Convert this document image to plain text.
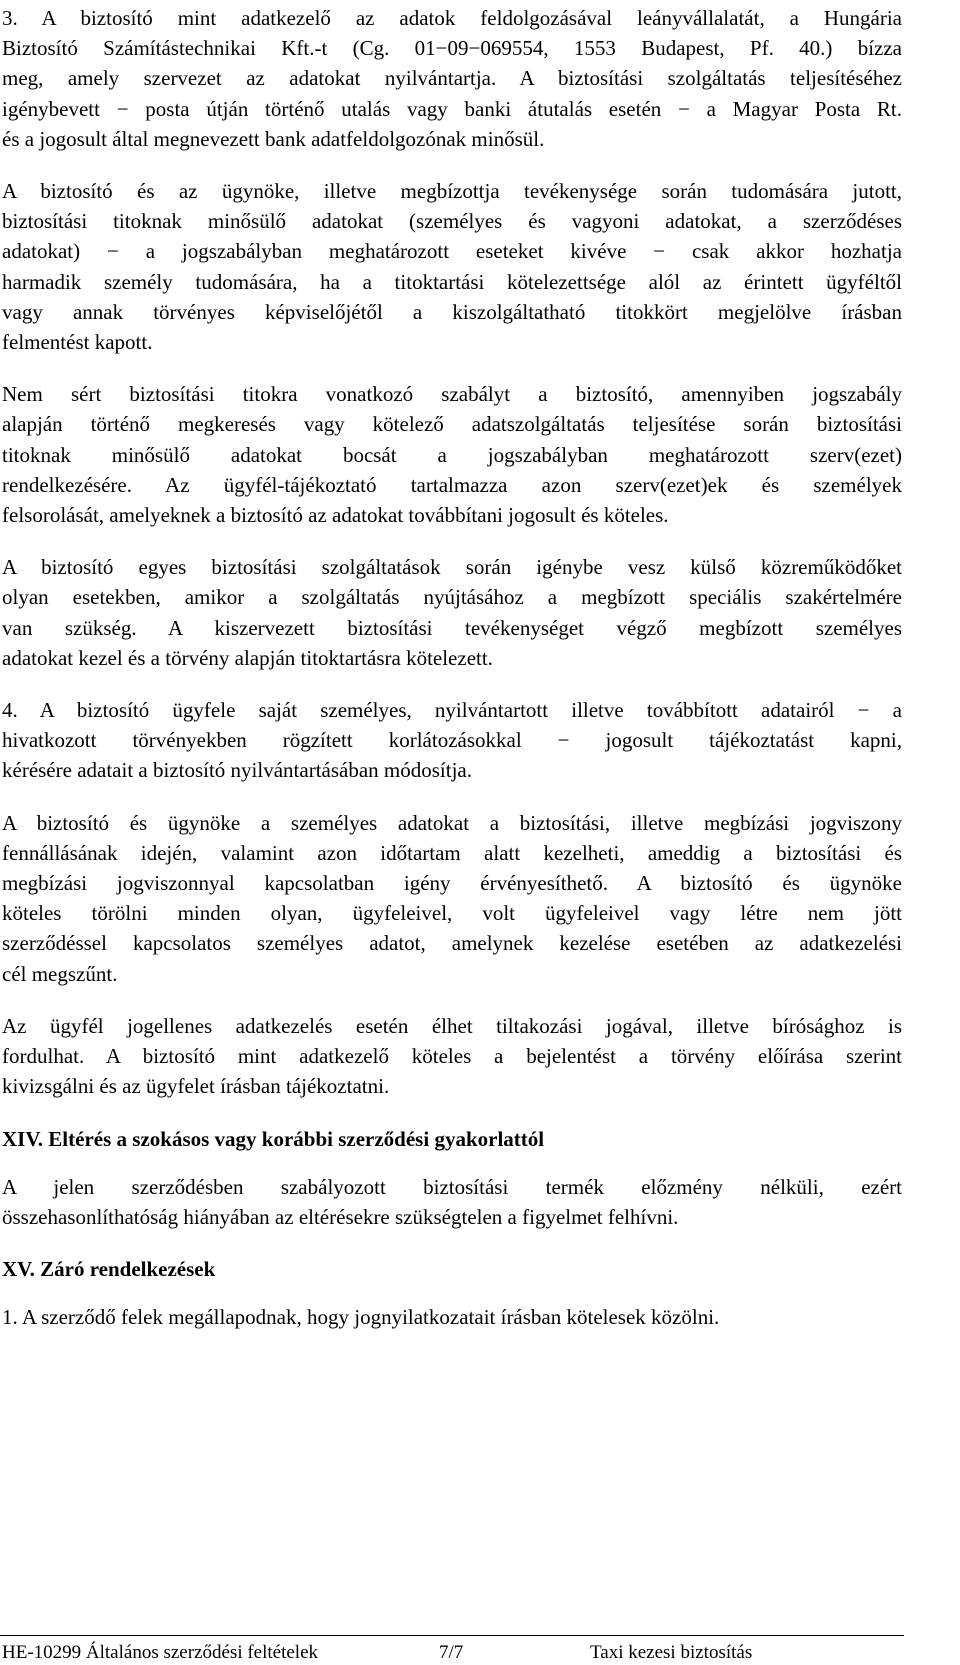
3. A biztosító mint adatkezelő az adatok feldolgozásával leányvállalatát, a Hungária
Biztosító Számítástechnikai Kft.-t (Cg. 01−09−069554, 1553 Budapest, Pf. 40.) bízza
meg, amely szervezet az adatokat nyilvántartja. A biztosítási szolgáltatás teljesítéséhez
igénybevett − posta útján történő utalás vagy banki átutalás esetén − a Magyar Posta Rt.
és a jogosult által megnevezett bank adatfeldolgozónak minősül.

A biztosító és az ügynöke, illetve megbízottja tevékenysége során tudomására jutott,
biztosítási titoknak minősülő adatokat (személyes és vagyoni adatokat, a szerződéses
adatokat) − a jogszabályban meghatározott eseteket kivéve − csak akkor hozhatja
harmadik személy tudomására, ha a titoktartási kötelezettsége alól az érintett ügyféltől
vagy annak törvényes képviselőjétől a kiszolgáltatható titokkört megjelölve írásban
felmentést kapott.

Nem sért biztosítási titokra vonatkozó szabályt a biztosító, amennyiben jogszabály
alapján történő megkeresés vagy kötelező adatszolgáltatás teljesítése során biztosítási
titoknak minősülő adatokat bocsát a jogszabályban meghatározott szerv(ezet)
rendelkezésére. Az ügyfél-tájékoztató tartalmazza azon szerv(ezet)ek és személyek
felsorolását, amelyeknek a biztosító az adatokat továbbítani jogosult és köteles.

A biztosító egyes biztosítási szolgáltatások során igénybe vesz külső közreműködőket
olyan esetekben, amikor a szolgáltatás nyújtásához a megbízott speciális szakértelmére
van szükség. A kiszervezett biztosítási tevékenységet végző megbízott személyes
adatokat kezel és a törvény alapján titoktartásra kötelezett.

4. A biztosító ügyfele saját személyes, nyilvántartott illetve továbbított adatairól − a
hivatkozott törvényekben rögzített korlátozásokkal − jogosult tájékoztatást kapni,
kérésére adatait a biztosító nyilvántartásában módosítja.

A biztosító és ügynöke a személyes adatokat a biztosítási, illetve megbízási jogviszony
fennállásának idején, valamint azon időtartam alatt kezelheti, ameddig a biztosítási és
megbízási jogviszonnyal kapcsolatban igény érvényesíthető. A biztosító és ügynöke
köteles törölni minden olyan, ügyfeleivel, volt ügyfeleivel vagy létre nem jött
szerződéssel kapcsolatos személyes adatot, amelynek kezelése esetében az adatkezelési
cél megszűnt.

Az ügyfél jogellenes adatkezelés esetén élhet tiltakozási jogával, illetve bírósághoz is
fordulhat. A biztosító mint adatkezelő köteles a bejelentést a törvény előírása szerint
kivizsgálni és az ügyfelet írásban tájékoztatni.

XIV. Eltérés a szokásos vagy korábbi szerződési gyakorlattól

A jelen szerződésben szabályozott biztosítási termék előzmény nélküli, ezért
összehasonlíthatóság hiányában az eltérésekre szükségtelen a figyelmet felhívni.

XV. Záró rendelkezések

1. A szerződő felek megállapodnak, hogy jognyilatkozatait írásban kötelesek közölni.

HE-10299 Általános szerződési feltételek	7/7	Taxi kezesi biztosítás
